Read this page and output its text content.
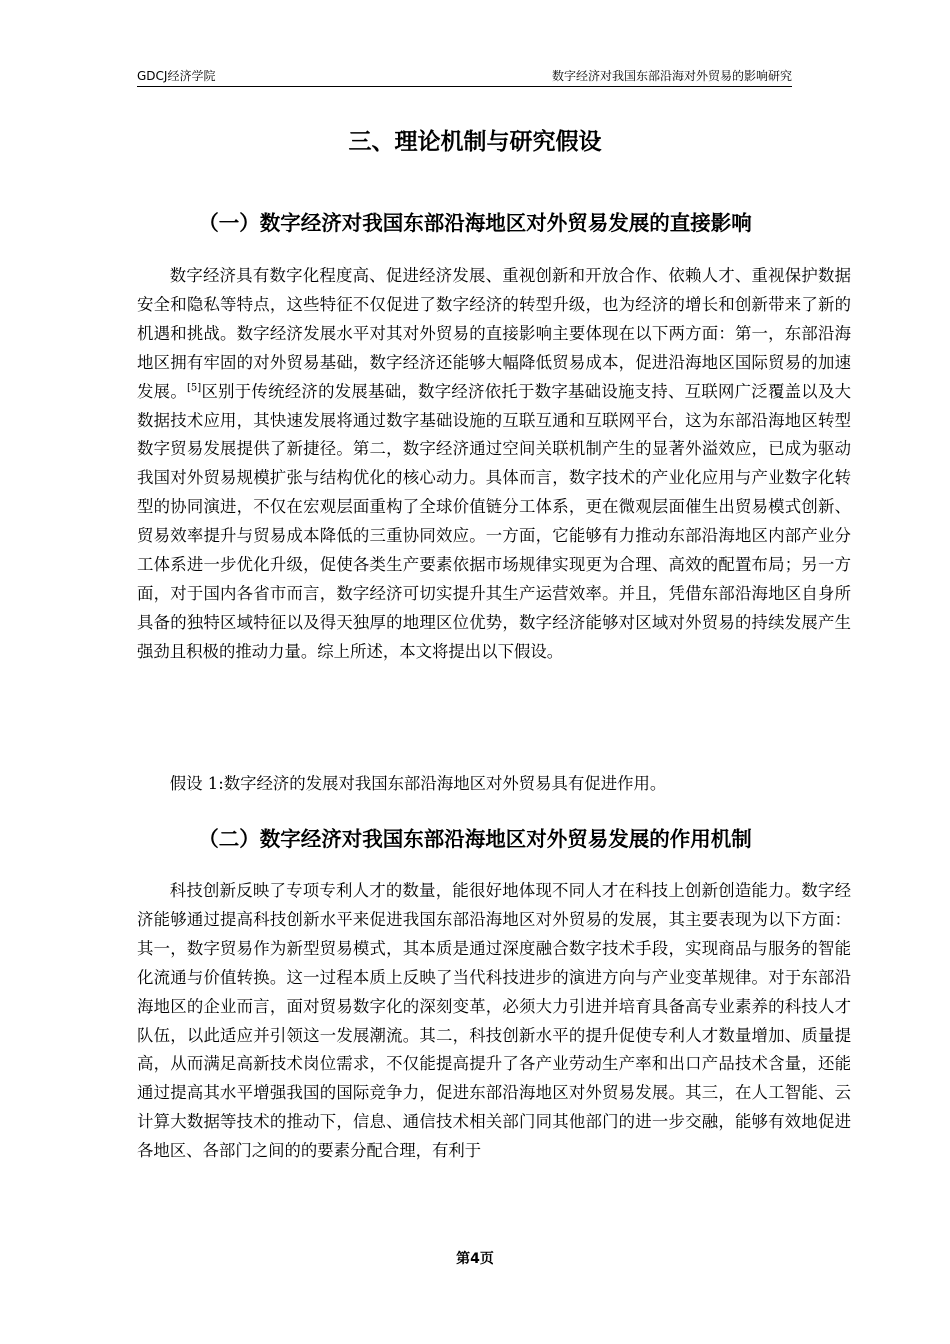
GDCJ经济学院	数字经济对我国东部沿海对外贸易的影响研究
三、理论机制与研究假设
（一）数字经济对我国东部沿海地区对外贸易发展的直接影响

数字经济具有数字化程度高、促进经济发展、重视创新和开放合作、依赖人才、重视保护数据安全和隐私等特点，这些特征不仅促进了数字经济的转型升级，也为经济的增长和创新带来了新的机遇和挑战。数字经济发展水平对其对外贸易的直接影响主要体现在以下两方面：第一，东部沿海地区拥有牢固的对外贸易基础，数字经济还能够大幅降低贸易成本，促进沿海地区国际贸易的加速发展。[5]区别于传统经济的发展基础，数字经济依托于数字基础设施支持、互联网广泛覆盖以及大数据技术应用，其快速发展将通过数字基础设施的互联互通和互联网平台，这为东部沿海地区转型数字贸易发展提供了新捷径。第二，数字经济通过空间关联机制产生的显著外溢效应，已成为驱动我国对外贸易规模扩张与结构优化的核心动力。具体而言，数字技术的产业化应用与产业数字化转型的协同演进，不仅在宏观层面重构了全球价值链分工体系，更在微观层面催生出贸易模式创新、贸易效率提升与贸易成本降低的三重协同效应。一方面，它能够有力推动东部沿海地区内部产业分工体系进一步优化升级，促使各类生产要素依据市场规律实现更为合理、高效的配置布局；另一方面，对于国内各省市而言，数字经济可切实提升其生产运营效率。并且，凭借东部沿海地区自身所具备的独特区域特征以及得天独厚的地理区位优势，数字经济能够对区域对外贸易的持续发展产生强劲且积极的推动力量。综上所述，本文将提出以下假设。

假设 1:数字经济的发展对我国东部沿海地区对外贸易具有促进作用。

（二）数字经济对我国东部沿海地区对外贸易发展的作用机制

科技创新反映了专项专利人才的数量，能很好地体现不同人才在科技上创新创造能力。数字经济能够通过提高科技创新水平来促进我国东部沿海地区对外贸易的发展，其主要表现为以下方面：其一，数字贸易作为新型贸易模式，其本质是通过深度融合数字技术手段，实现商品与服务的智能化流通与价值转换。这一过程本质上反映了当代科技进步的演进方向与产业变革规律。对于东部沿海地区的企业而言，面对贸易数字化的深刻变革，必须大力引进并培育具备高专业素养的科技人才队伍，以此适应并引领这一发展潮流。其二，科技创新水平的提升促使专利人才数量增加、质量提高，从而满足高新技术岗位需求，不仅能提高提升了各产业劳动生产率和出口产品技术含量，还能通过提高其水平增强我国的国际竞争力，促进东部沿海地区对外贸易发展。其三，在人工智能、云计算大数据等技术的推动下，信息、通信技术相关部门同其他部门的进一步交融，能够有效地促进各地区、各部门之间的的要素分配合理，有利于

第4页
